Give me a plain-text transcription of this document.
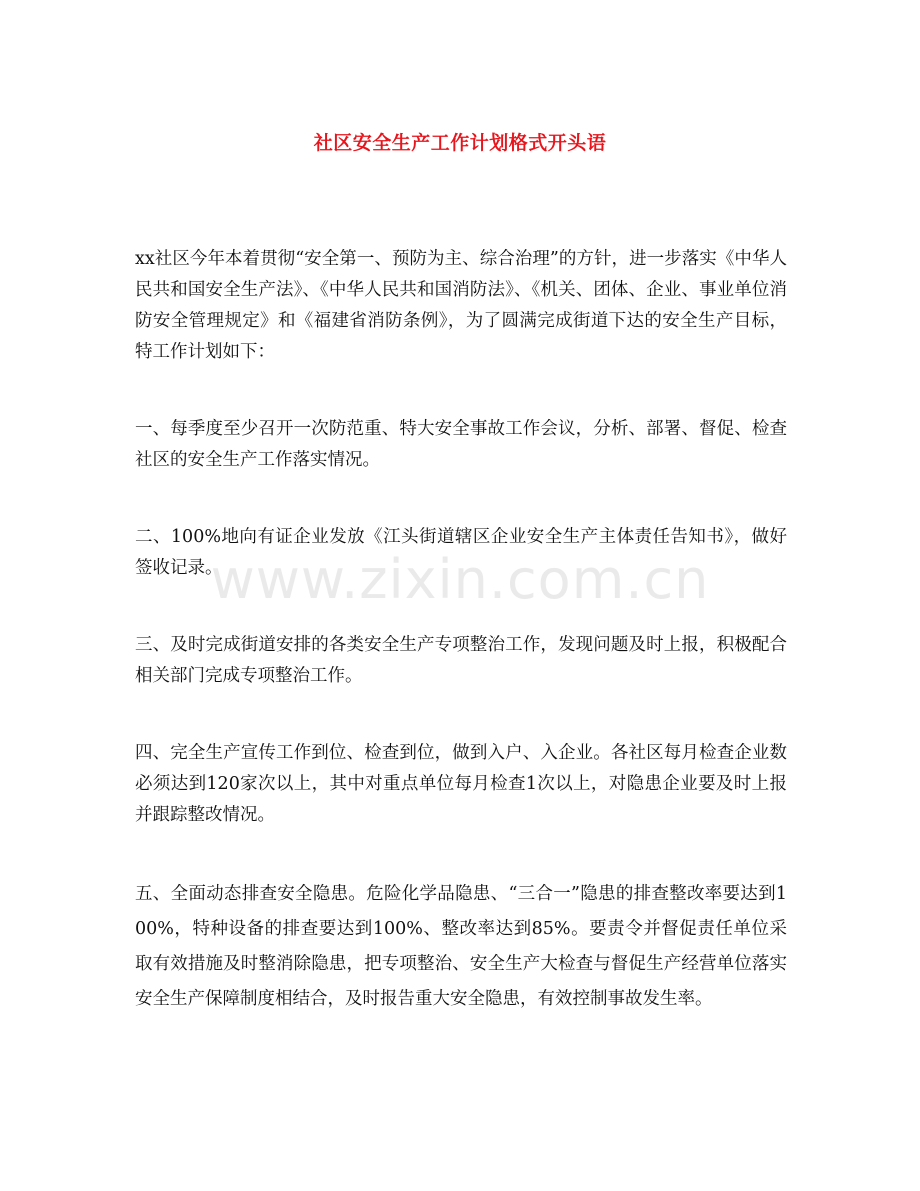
社区安全生产工作计划格式开头语
www.zixin.com.cn

xx社区今年本着贯彻“安全第一、预防为主、综合治理”的方针，进一步落实《中华人民共和国安全生产法》、《中华人民共和国消防法》、《机关、团体、企业、事业单位消防安全管理规定》和《福建省消防条例》，为了圆满完成街道下达的安全生产目标，特工作计划如下：

一、每季度至少召开一次防范重、特大安全事故工作会议，分析、部署、督促、检查社区的安全生产工作落实情况。

二、100%地向有证企业发放《江头街道辖区企业安全生产主体责任告知书》，做好签收记录。

三、及时完成街道安排的各类安全生产专项整治工作，发现问题及时上报，积极配合相关部门完成专项整治工作。

四、完全生产宣传工作到位、检查到位，做到入户、入企业。各社区每月检查企业数必须达到120家次以上，其中对重点单位每月检查1次以上，对隐患企业要及时上报并跟踪整改情况。

五、全面动态排查安全隐患。危险化学品隐患、“三合一”隐患的排查整改率要达到100%，特种设备的排查要达到100%、整改率达到85%。要责令并督促责任单位采取有效措施及时整消除隐患，把专项整治、安全生产大检查与督促生产经营单位落实安全生产保障制度相结合，及时报告重大安全隐患，有效控制事故发生率。
